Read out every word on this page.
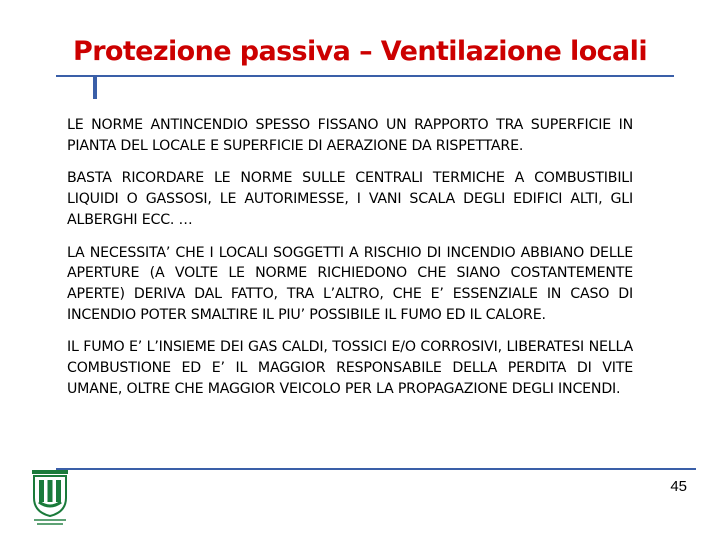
Protezione passiva – Ventilazione locali

LE NORME ANTINCENDIO SPESSO FISSANO UN RAPPORTO TRA SUPERFICIE IN PIANTA DEL LOCALE E SUPERFICIE DI AERAZIONE DA RISPETTARE.

BASTA RICORDARE LE NORME SULLE CENTRALI TERMICHE A COMBUSTIBILI LIQUIDI O GASSOSI, LE AUTORIMESSE, I VANI SCALA DEGLI EDIFICI ALTI, GLI ALBERGHI ECC. …

LA NECESSITA’ CHE I LOCALI SOGGETTI A RISCHIO DI INCENDIO ABBIANO DELLE APERTURE (A VOLTE LE NORME RICHIEDONO CHE SIANO COSTANTEMENTE APERTE) DERIVA DAL FATTO, TRA L’ALTRO, CHE E’ ESSENZIALE IN CASO DI INCENDIO POTER SMALTIRE IL PIU’ POSSIBILE IL FUMO ED IL CALORE.

IL FUMO E’ L’INSIEME DEI GAS CALDI, TOSSICI E/O CORROSIVI, LIBERATESI NELLA COMBUSTIONE ED E’ IL MAGGIOR RESPONSABILE DELLA PERDITA DI VITE UMANE, OLTRE CHE MAGGIOR VEICOLO PER LA PROPAGAZIONE DEGLI INCENDI.

45
